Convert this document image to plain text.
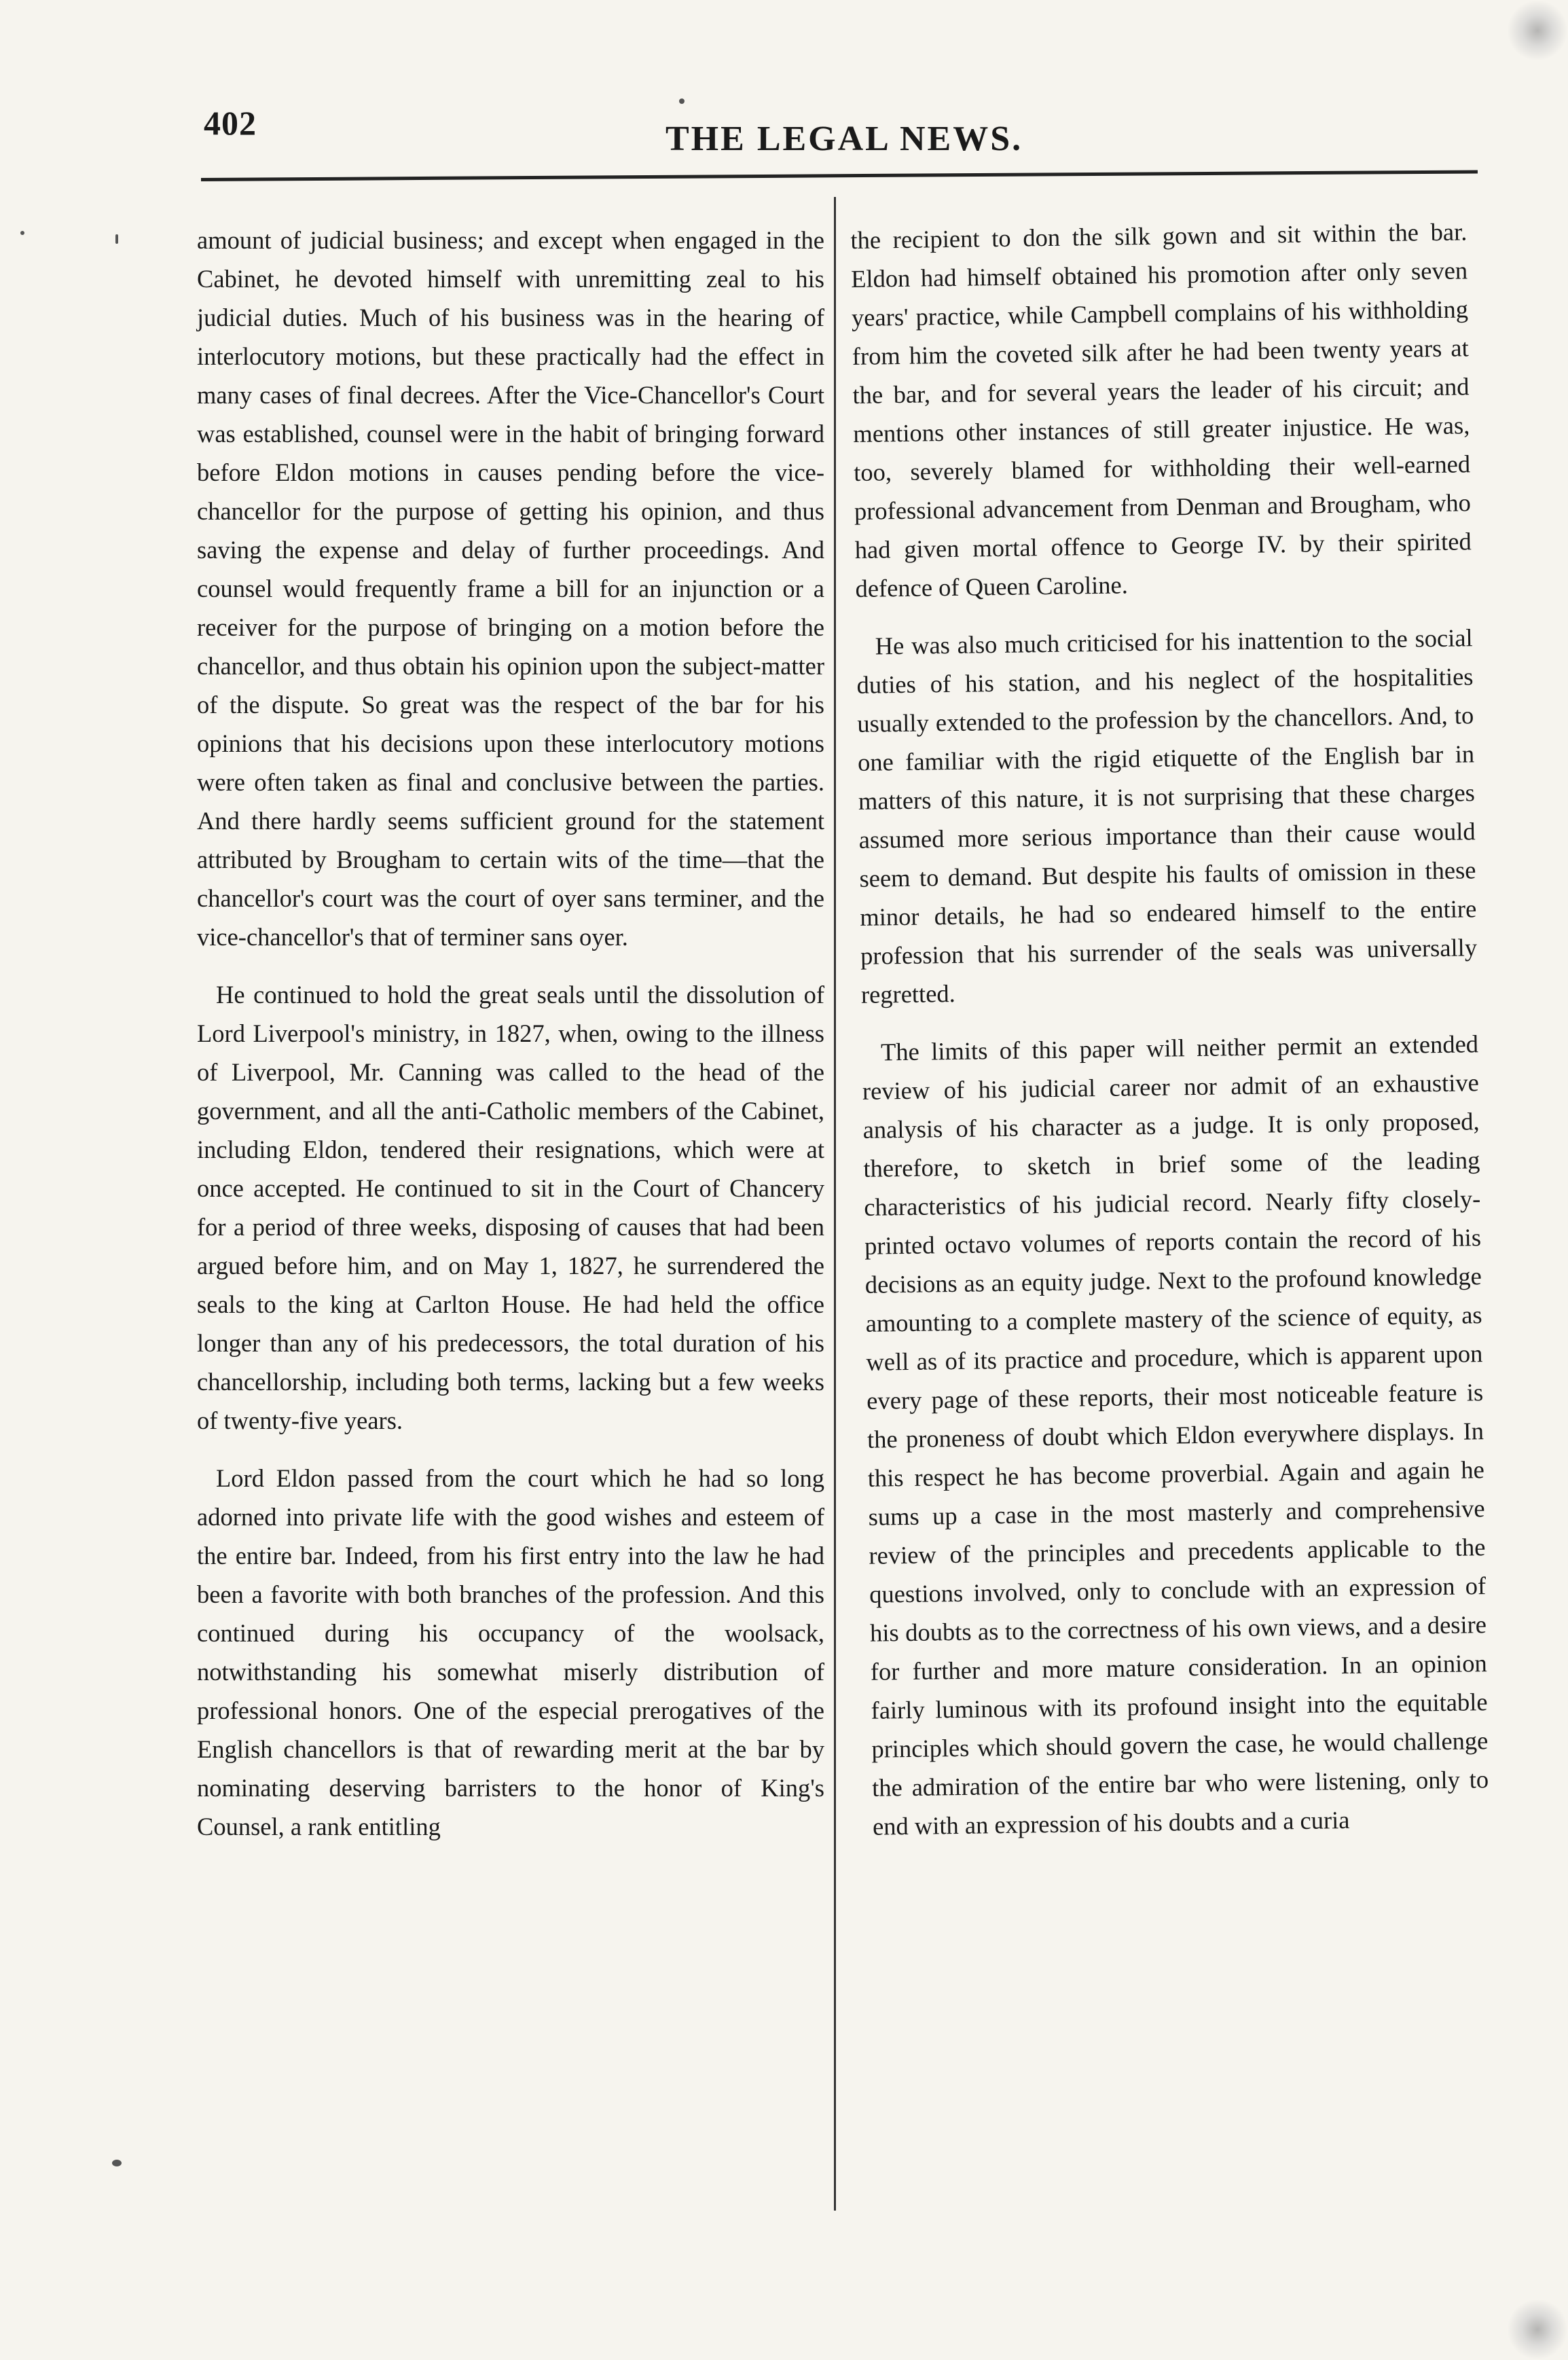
402	THE LEGAL NEWS.

amount of judicial business; and except when engaged in the Cabinet, he devoted himself with unremitting zeal to his judicial duties. Much of his business was in the hearing of interlocutory motions, but these practically had the effect in many cases of final decrees. After the Vice-Chancellor's Court was established, counsel were in the habit of bringing forward before Eldon motions in causes pending before the vice-chancellor for the purpose of getting his opinion, and thus saving the expense and delay of further proceedings. And counsel would frequently frame a bill for an injunction or a receiver for the purpose of bringing on a motion before the chancellor, and thus obtain his opinion upon the subject-matter of the dispute. So great was the respect of the bar for his opinions that his decisions upon these interlocutory motions were often taken as final and conclusive between the parties. And there hardly seems sufficient ground for the statement attributed by Brougham to certain wits of the time—that the chancellor's court was the court of oyer sans terminer, and the vice-chancellor's that of terminer sans oyer.

He continued to hold the great seals until the dissolution of Lord Liverpool's ministry, in 1827, when, owing to the illness of Liverpool, Mr. Canning was called to the head of the government, and all the anti-Catholic members of the Cabinet, including Eldon, tendered their resignations, which were at once accepted. He continued to sit in the Court of Chancery for a period of three weeks, disposing of causes that had been argued before him, and on May 1, 1827, he surrendered the seals to the king at Carlton House. He had held the office longer than any of his predecessors, the total duration of his chancellorship, including both terms, lacking but a few weeks of twenty-five years.

Lord Eldon passed from the court which he had so long adorned into private life with the good wishes and esteem of the entire bar. Indeed, from his first entry into the law he had been a favorite with both branches of the profession. And this continued during his occupancy of the woolsack, notwithstanding his somewhat miserly distribution of professional honors. One of the especial prerogatives of the English chancellors is that of rewarding merit at the bar by nominating deserving barristers to the honor of King's Counsel, a rank entitling

the recipient to don the silk gown and sit within the bar. Eldon had himself obtained his promotion after only seven years' practice, while Campbell complains of his withholding from him the coveted silk after he had been twenty years at the bar, and for several years the leader of his circuit; and mentions other instances of still greater injustice. He was, too, severely blamed for withholding their well-earned professional advancement from Denman and Brougham, who had given mortal offence to George IV. by their spirited defence of Queen Caroline.

He was also much criticised for his inattention to the social duties of his station, and his neglect of the hospitalities usually extended to the profession by the chancellors. And, to one familiar with the rigid etiquette of the English bar in matters of this nature, it is not surprising that these charges assumed more serious importance than their cause would seem to demand. But despite his faults of omission in these minor details, he had so endeared himself to the entire profession that his surrender of the seals was universally regretted.

The limits of this paper will neither permit an extended review of his judicial career nor admit of an exhaustive analysis of his character as a judge. It is only proposed, therefore, to sketch in brief some of the leading characteristics of his judicial record. Nearly fifty closely-printed octavo volumes of reports contain the record of his decisions as an equity judge. Next to the profound knowledge amounting to a complete mastery of the science of equity, as well as of its practice and procedure, which is apparent upon every page of these reports, their most noticeable feature is the proneness of doubt which Eldon everywhere displays. In this respect he has become proverbial. Again and again he sums up a case in the most masterly and comprehensive review of the principles and precedents applicable to the questions involved, only to conclude with an expression of his doubts as to the correctness of his own views, and a desire for further and more mature consideration. In an opinion fairly luminous with its profound insight into the equitable principles which should govern the case, he would challenge the admiration of the entire bar who were listening, only to end with an expression of his doubts and a curia
